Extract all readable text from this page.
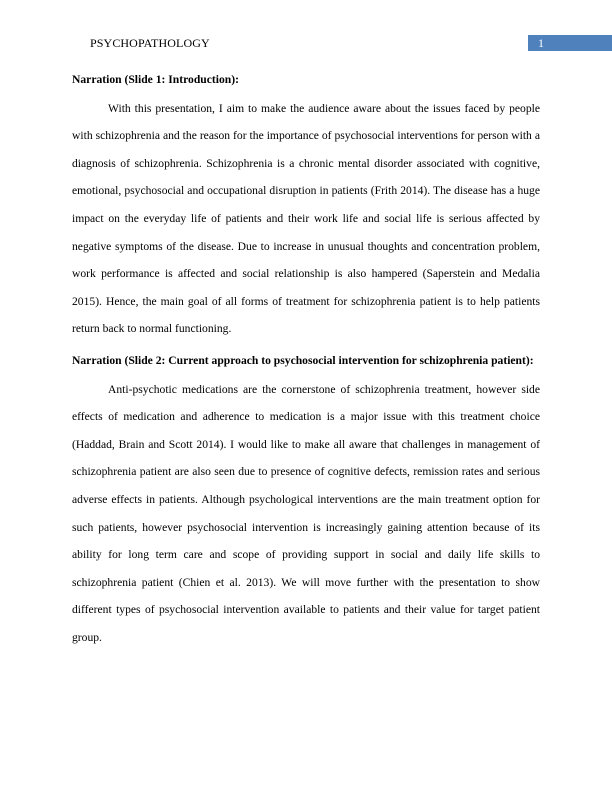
PSYCHOPATHOLOGY	1

Narration (Slide 1: Introduction):

With this presentation, I aim to make the audience aware about the issues faced by people with schizophrenia and the reason for the importance of psychosocial interventions for person with a diagnosis of schizophrenia. Schizophrenia is a chronic mental disorder associated with cognitive, emotional, psychosocial and occupational disruption in patients (Frith 2014). The disease has a huge impact on the everyday life of patients and their work life and social life is serious affected by negative symptoms of the disease. Due to increase in unusual thoughts and concentration problem, work performance is affected and social relationship is also hampered (Saperstein and Medalia 2015). Hence, the main goal of all forms of treatment for schizophrenia patient is to help patients return back to normal functioning.

Narration (Slide 2: Current approach to psychosocial intervention for schizophrenia patient):

Anti-psychotic medications are the cornerstone of schizophrenia treatment, however side effects of medication and adherence to medication is a major issue with this treatment choice (Haddad, Brain and Scott 2014). I would like to make all aware that challenges in management of schizophrenia patient are also seen due to presence of cognitive defects, remission rates and serious adverse effects in patients. Although psychological interventions are the main treatment option for such patients, however psychosocial intervention is increasingly gaining attention because of its ability for long term care and scope of providing support in social and daily life skills to schizophrenia patient (Chien et al. 2013). We will move further with the presentation to show different types of psychosocial intervention available to patients and their value for target patient group.
